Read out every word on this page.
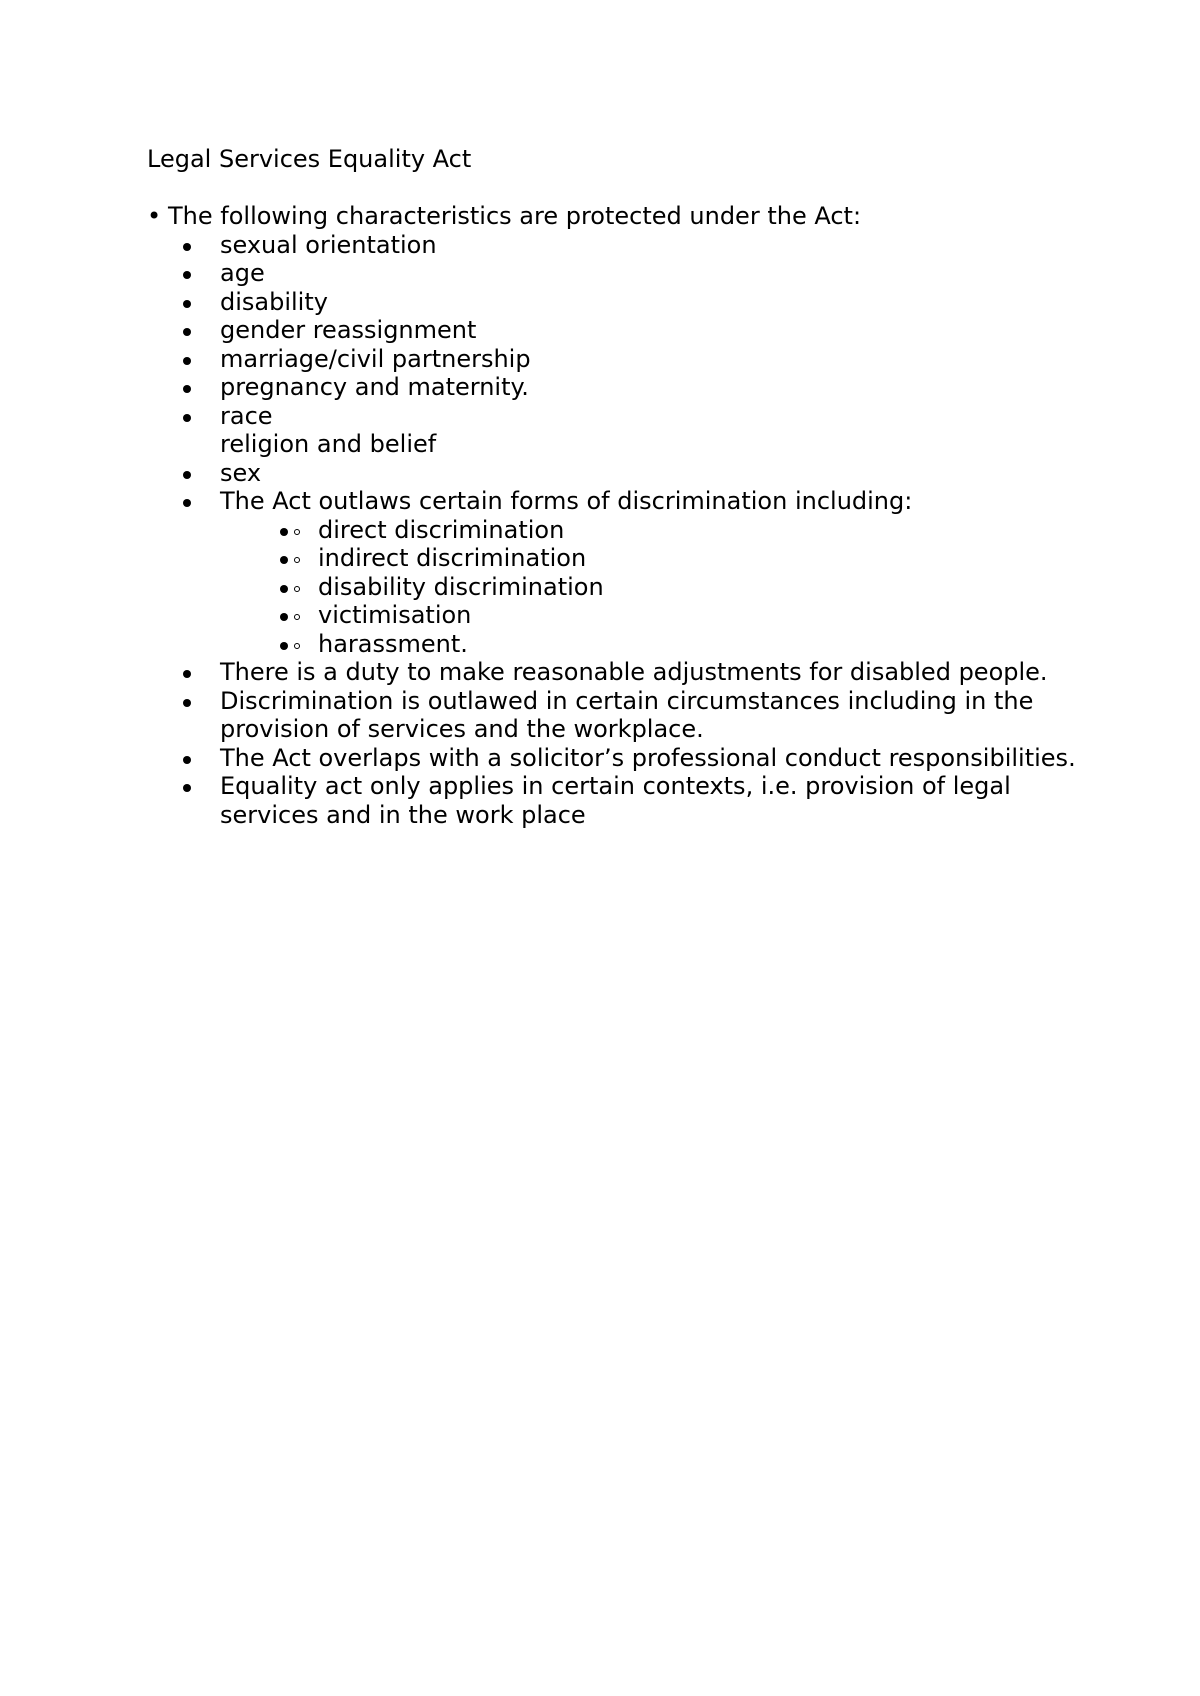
Legal Services Equality Act
• The following characteristics are protected under the Act:
sexual orientation
age
disability
gender reassignment
marriage/civil partnership
pregnancy and maternity.
race
religion and belief
sex
The Act outlaws certain forms of discrimination including:
direct discrimination
indirect discrimination
disability discrimination
victimisation
harassment.
There is a duty to make reasonable adjustments for disabled people.
Discrimination is outlawed in certain circumstances including in the provision of services and the workplace.
The Act overlaps with a solicitor’s professional conduct responsibilities.
Equality act only applies in certain contexts, i.e. provision of legal services and in the work place
